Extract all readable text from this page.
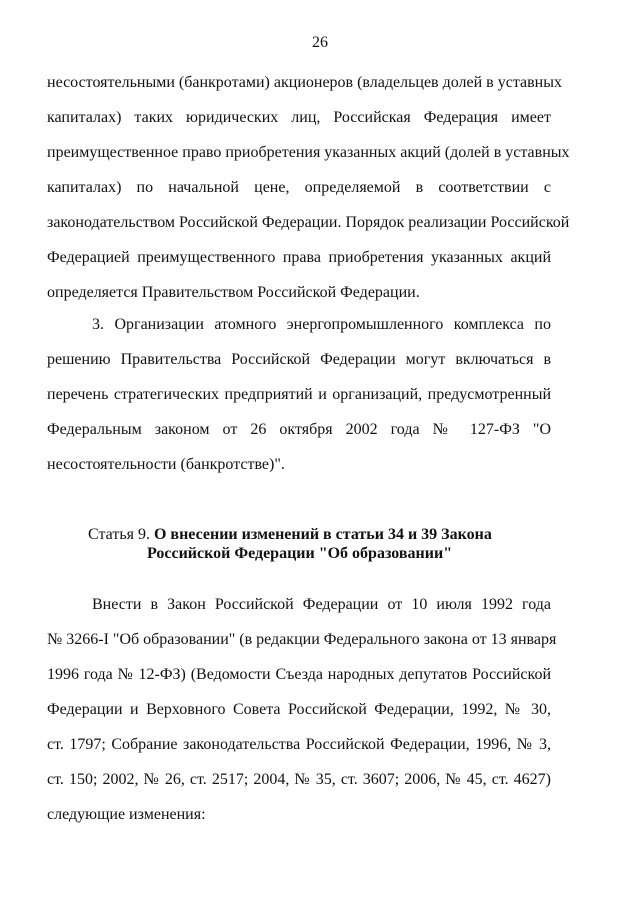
26
несостоятельными (банкротами) акционеров (владельцев долей в уставных
капиталах) таких юридических лиц, Российская Федерация имеет
преимущественное право приобретения указанных акций (долей в уставных
капиталах) по начальной цене, определяемой в соответствии с
законодательством Российской Федерации. Порядок реализации Российской
Федерацией преимущественного права приобретения указанных акций
определяется Правительством Российской Федерации.
3. Организации атомного энергопромышленного комплекса по
решению Правительства Российской Федерации могут включаться в
перечень стратегических предприятий и организаций, предусмотренный
Федеральным законом от 26 октября 2002 года № 127-ФЗ "О
несостоятельности (банкротстве)".
Статья 9. О внесении изменений в статьи 34 и 39 Закона
Российской Федерации "Об образовании"
Внести в Закон Российской Федерации от 10 июля 1992 года
№ 3266-I "Об образовании" (в редакции Федерального закона от 13 января
1996 года № 12-ФЗ) (Ведомости Съезда народных депутатов Российской
Федерации и Верховного Совета Российской Федерации, 1992, № 30,
ст. 1797; Собрание законодательства Российской Федерации, 1996, № 3,
ст. 150; 2002, № 26, ст. 2517; 2004, № 35, ст. 3607; 2006, № 45, ст. 4627)
следующие изменения:
